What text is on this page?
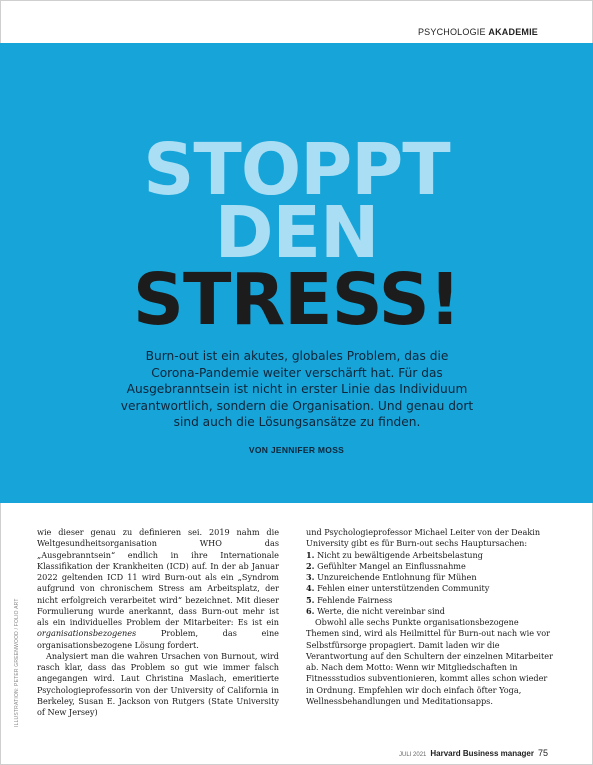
PSYCHOLOGIE AKADEMIE
STOPPT
DEN
STRESS!
Burn-out ist ein akutes, globales Problem, das die Corona-Pandemie weiter verschärft hat. Für das Ausgebranntsein ist nicht in erster Linie das Individuum verantwortlich, sondern die Organisation. Und genau dort sind auch die Lösungsansätze zu finden.
VON JENNIFER MOSS

wie dieser genau zu definieren sei. 2019 nahm die Weltgesundheitsorganisation WHO das „Ausgebranntsein“ endlich in ihre Internationale Klassifikation der Krankheiten (ICD) auf. In der ab Januar 2022 geltenden ICD 11 wird Burn-out als ein „Syndrom aufgrund von chronischem Stress am Arbeitsplatz, der nicht erfolgreich verarbeitet wird“ bezeichnet. Mit dieser Formulierung wurde anerkannt, dass Burn-out mehr ist als ein individuelles Problem der Mitarbeiter: Es ist ein organisationsbezogenes Problem, das eine organisationsbezogene Lösung fordert.

Analysiert man die wahren Ursachen von Burnout, wird rasch klar, dass das Problem so gut wie immer falsch angegangen wird. Laut Christina Maslach, emeritierte Psychologieprofessorin von der University of California in Berkeley, Susan E. Jackson von Rutgers (State University of New Jersey)

und Psychologieprofessor Michael Leiter von der Deakin University gibt es für Burn-out sechs Hauptursachen:

1. Nicht zu bewältigende Arbeitsbelastung
2. Gefühlter Mangel an Einflussnahme
3. Unzureichende Entlohnung für Mühen
4. Fehlen einer unterstützenden Community
5. Fehlende Fairness
6. Werte, die nicht vereinbar sind

Obwohl alle sechs Punkte organisationsbezogene Themen sind, wird als Heilmittel für Burn-out nach wie vor Selbstfürsorge propagiert. Damit laden wir die Verantwortung auf den Schultern der einzelnen Mitarbeiter ab. Nach dem Motto: Wenn wir Mitgliedschaften in Fitnessstudios subventionieren, kommt alles schon wieder in Ordnung. Empfehlen wir doch einfach öfter Yoga, Wellnessbehandlungen und Meditationsapps.

ILLUSTRATION: PETER GREENWOOD / FOLIO ART
JULI 2021 Harvard Business manager 75
